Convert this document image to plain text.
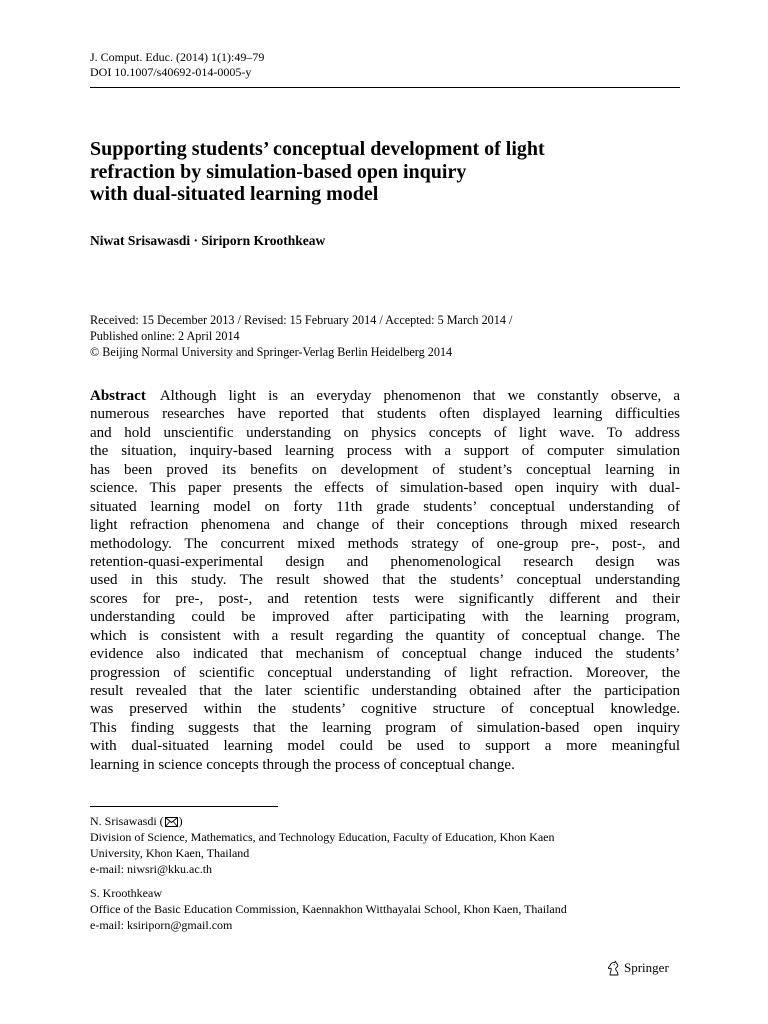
J. Comput. Educ. (2014) 1(1):49–79
DOI 10.1007/s40692-014-0005-y
Supporting students’ conceptual development of light
refraction by simulation-based open inquiry
with dual-situated learning model
Niwat Srisawasdi · Siriporn Kroothkeaw
Received: 15 December 2013 / Revised: 15 February 2014 / Accepted: 5 March 2014 /
Published online: 2 April 2014
© Beijing Normal University and Springer-Verlag Berlin Heidelberg 2014
Abstract Although light is an everyday phenomenon that we constantly observe, a
numerous researches have reported that students often displayed learning difficulties
and hold unscientific understanding on physics concepts of light wave. To address
the situation, inquiry-based learning process with a support of computer simulation
has been proved its benefits on development of student’s conceptual learning in
science. This paper presents the effects of simulation-based open inquiry with dual-
situated learning model on forty 11th grade students’ conceptual understanding of
light refraction phenomena and change of their conceptions through mixed research
methodology. The concurrent mixed methods strategy of one-group pre-, post-, and
retention-quasi-experimental design and phenomenological research design was
used in this study. The result showed that the students’ conceptual understanding
scores for pre-, post-, and retention tests were significantly different and their
understanding could be improved after participating with the learning program,
which is consistent with a result regarding the quantity of conceptual change. The
evidence also indicated that mechanism of conceptual change induced the students’
progression of scientific conceptual understanding of light refraction. Moreover, the
result revealed that the later scientific understanding obtained after the participation
was preserved within the students’ cognitive structure of conceptual knowledge.
This finding suggests that the learning program of simulation-based open inquiry
with dual-situated learning model could be used to support a more meaningful
learning in science concepts through the process of conceptual change.
N. Srisawasdi ( )
Division of Science, Mathematics, and Technology Education, Faculty of Education, Khon Kaen
University, Khon Kaen, Thailand
e-mail: niwsri@kku.ac.th
S. Kroothkeaw
Office of the Basic Education Commission, Kaennakhon Witthayalai School, Khon Kaen, Thailand
e-mail: ksiriporn@gmail.com
Springer
